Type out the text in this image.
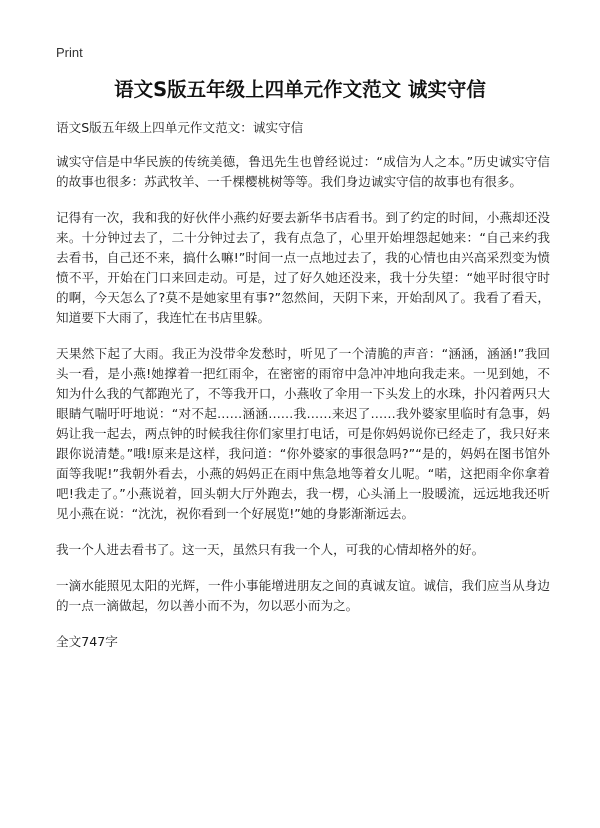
Print
语文S版五年级上四单元作文范文 诚实守信

语文S版五年级上四单元作文范文：诚实守信

诚实守信是中华民族的传统美德，鲁迅先生也曾经说过：“成信为人之本。”历史诚实守信的故事也很多：苏武牧羊、一千棵樱桃树等等。我们身边诚实守信的故事也有很多。

记得有一次，我和我的好伙伴小燕约好要去新华书店看书。到了约定的时间，小燕却还没来。十分钟过去了，二十分钟过去了，我有点急了，心里开始埋怨起她来：“自己来约我去看书，自己还不来，搞什么嘛!”时间一点一点地过去了，我的心情也由兴高采烈变为愤愤不平，开始在门口来回走动。可是，过了好久她还没来，我十分失望：“她平时很守时的啊，今天怎么了?莫不是她家里有事?”忽然间，天阴下来，开始刮风了。我看了看天，知道要下大雨了，我连忙在书店里躲。

天果然下起了大雨。我正为没带伞发愁时，听见了一个清脆的声音：“涵涵，涵涵!”我回头一看，是小燕!她撑着一把红雨伞，在密密的雨帘中急冲冲地向我走来。一见到她，不知为什么我的气都跑光了，不等我开口，小燕收了伞用一下头发上的水珠，扑闪着两只大眼睛气喘吁吁地说：“对不起……涵涵……我……来迟了……我外婆家里临时有急事，妈妈让我一起去，两点钟的时候我往你们家里打电话，可是你妈妈说你已经走了，我只好来跟你说清楚。”哦!原来是这样，我问道：“你外婆家的事很急吗?”“是的，妈妈在图书馆外面等我呢!”我朝外看去，小燕的妈妈正在雨中焦急地等着女儿呢。“喏，这把雨伞你拿着吧!我走了。”小燕说着，回头朝大厅外跑去，我一楞，心头涌上一股暖流，远远地我还听见小燕在说：“沈沈，祝你看到一个好展览!”她的身影渐渐远去。

我一个人进去看书了。这一天，虽然只有我一个人，可我的心情却格外的好。

一滴水能照见太阳的光辉，一件小事能增进朋友之间的真诚友谊。诚信，我们应当从身边的一点一滴做起，勿以善小而不为，勿以恶小而为之。

全文747字
